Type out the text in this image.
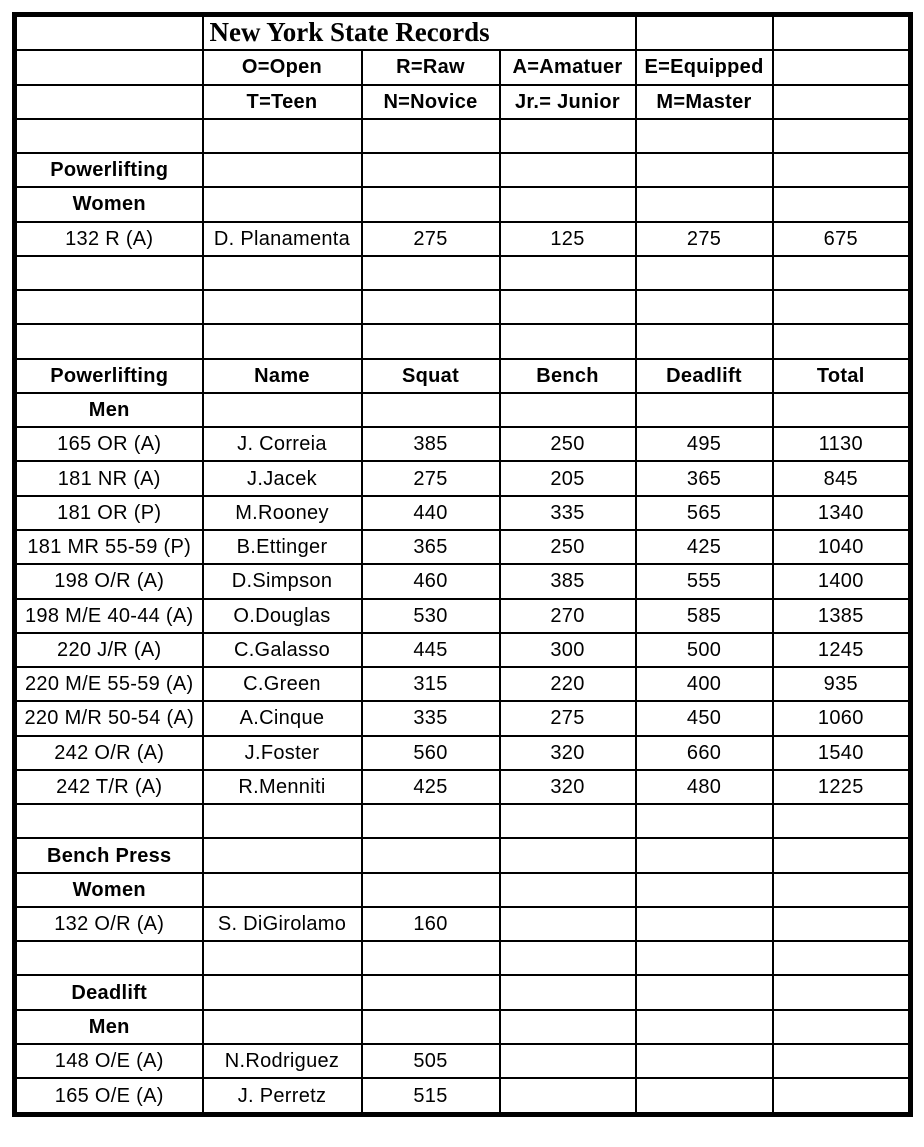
	New York State Records				
	O=Open	R=Raw	A=Amatuer	E=Equipped	
	T=Teen	N=Novice	Jr.= Junior	M=Master	

Powerlifting					
Women					
132 R (A)	D. Planamenta	275	125	275	675

Powerlifting	Name	Squat	Bench	Deadlift	Total
Men					
165 OR (A)	J. Correia	385	250	495	1130
181 NR (A)	J.Jacek	275	205	365	845
181 OR (P)	M.Rooney	440	335	565	1340
181 MR 55-59 (P)	B.Ettinger	365	250	425	1040
198 O/R (A)	D.Simpson	460	385	555	1400
198 M/E 40-44 (A)	O.Douglas	530	270	585	1385
220 J/R (A)	C.Galasso	445	300	500	1245
220 M/E 55-59 (A)	C.Green	315	220	400	935
220 M/R 50-54 (A)	A.Cinque	335	275	450	1060
242 O/R (A)	J.Foster	560	320	660	1540
242 T/R (A)	R.Menniti	425	320	480	1225

Bench Press					
Women					
132 O/R (A)	S. DiGirolamo	160			

Deadlift					
Men					
148 O/E (A)	N.Rodriguez	505			
165 O/E (A)	J. Perretz	515			
